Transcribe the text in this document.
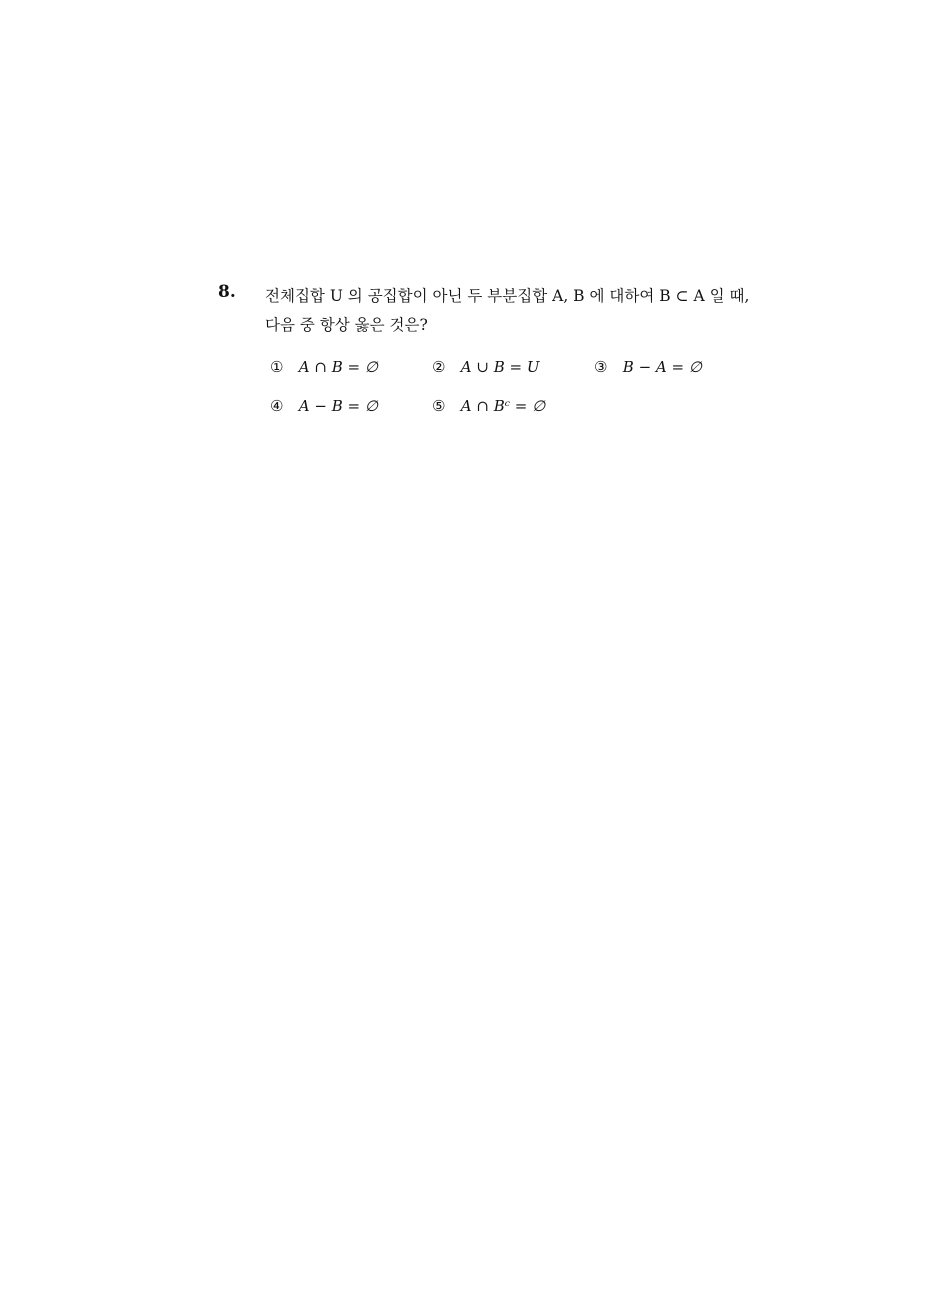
8. 전체집합 U 의 공집합이 아닌 두 부분집합 A, B 에 대하여 B ⊂ A 일 때,
다음 중 항상 옳은 것은?
① A ∩ B = ∅	② A ∪ B = U	③ B − A = ∅
④ A − B = ∅	⑤ A ∩ Bᶜ = ∅
